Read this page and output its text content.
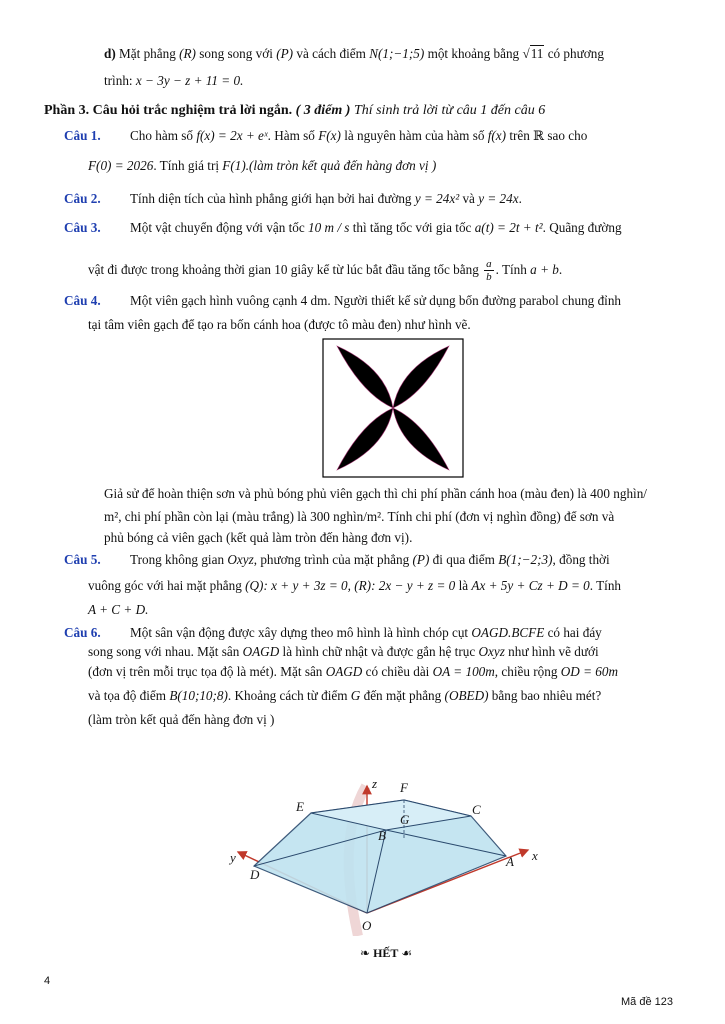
d) Mặt phẳng (R) song song với (P) và cách điểm N(1;−1;5) một khoảng bằng √11 có phương
trình: x − 3y − z + 11 = 0.
Phần 3. Câu hỏi trắc nghiệm trả lời ngắn. ( 3 điểm ) Thí sinh trả lời từ câu 1 đến câu 6
Câu 1. Cho hàm số f(x) = 2x + eˣ. Hàm số F(x) là nguyên hàm của hàm số f(x) trên ℝ sao cho
F(0) = 2026. Tính giá trị F(1).(làm tròn kết quả đến hàng đơn vị )
Câu 2. Tính diện tích của hình phẳng giới hạn bởi hai đường y = 24x² và y = 24x.
Câu 3. Một vật chuyển động với vận tốc 10 m / s thì tăng tốc với gia tốc a(t) = 2t + t². Quãng đường
vật đi được trong khoảng thời gian 10 giây kể từ lúc bắt đầu tăng tốc bằng $\frac{a}{b}$ . Tính a + b.
Câu 4. Một viên gạch hình vuông cạnh 4 dm. Người thiết kế sử dụng bốn đường parabol chung đỉnh
tại tâm viên gạch để tạo ra bốn cánh hoa (được tô màu đen) như hình vẽ.
Giả sử để hoàn thiện sơn và phủ bóng phủ viên gạch thì chi phí phần cánh hoa (màu đen) là 400 nghìn/
m², chi phí phần còn lại (màu trắng) là 300 nghìn/m². Tính chi phí (đơn vị nghìn đồng) để sơn và
phủ bóng cả viên gạch (kết quả làm tròn đến hàng đơn vị).
Câu 5. Trong không gian Oxyz, phương trình của mặt phẳng (P) đi qua điểm B(1;−2;3), đồng thời
vuông góc với hai mặt phẳng (Q): x + y + 3z = 0, (R): 2x − y + z = 0 là Ax + 5y + Cz + D = 0. Tính
A + C + D.
Câu 6. Một sân vận động được xây dựng theo mô hình là hình chóp cụt OAGD.BCFE có hai đáy
song song với nhau. Mặt sân OAGD là hình chữ nhật và được gắn hệ trục Oxyz như hình vẽ dưới
(đơn vị trên mỗi trục tọa độ là mét). Mặt sân OAGD có chiều dài OA = 100m, chiều rộng OD = 60m
và tọa độ điểm B(10;10;8). Khoảng cách từ điểm G đến mặt phẳng (OBED) bằng bao nhiêu mét?
(làm tròn kết quả đến hàng đơn vị )
E
F
C
G
B
D
A
O
x
y
z
❧ HẾT ☙
4
Mã đề 123
